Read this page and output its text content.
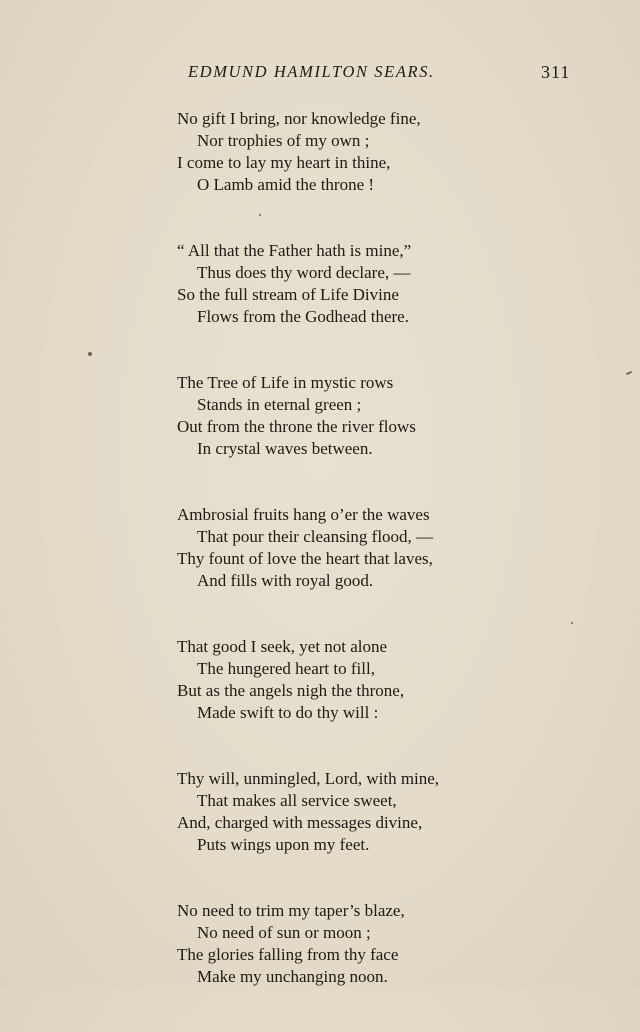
EDMUND HAMILTON SEARS.	311
No gift I bring, nor knowledge fine,
Nor trophies of my own ;
I come to lay my heart in thine,
O Lamb amid the throne !
“ All that the Father hath is mine,”
Thus does thy word declare, —
So the full stream of Life Divine
Flows from the Godhead there.
The Tree of Life in mystic rows
Stands in eternal green ;
Out from the throne the river flows
In crystal waves between.
Ambrosial fruits hang o’er the waves
That pour their cleansing flood, —
Thy fount of love the heart that laves,
And fills with royal good.
That good I seek, yet not alone
The hungered heart to fill,
But as the angels nigh the throne,
Made swift to do thy will :
Thy will, unmingled, Lord, with mine,
That makes all service sweet,
And, charged with messages divine,
Puts wings upon my feet.
No need to trim my taper’s blaze,
No need of sun or moon ;
The glories falling from thy face
Make my unchanging noon.
